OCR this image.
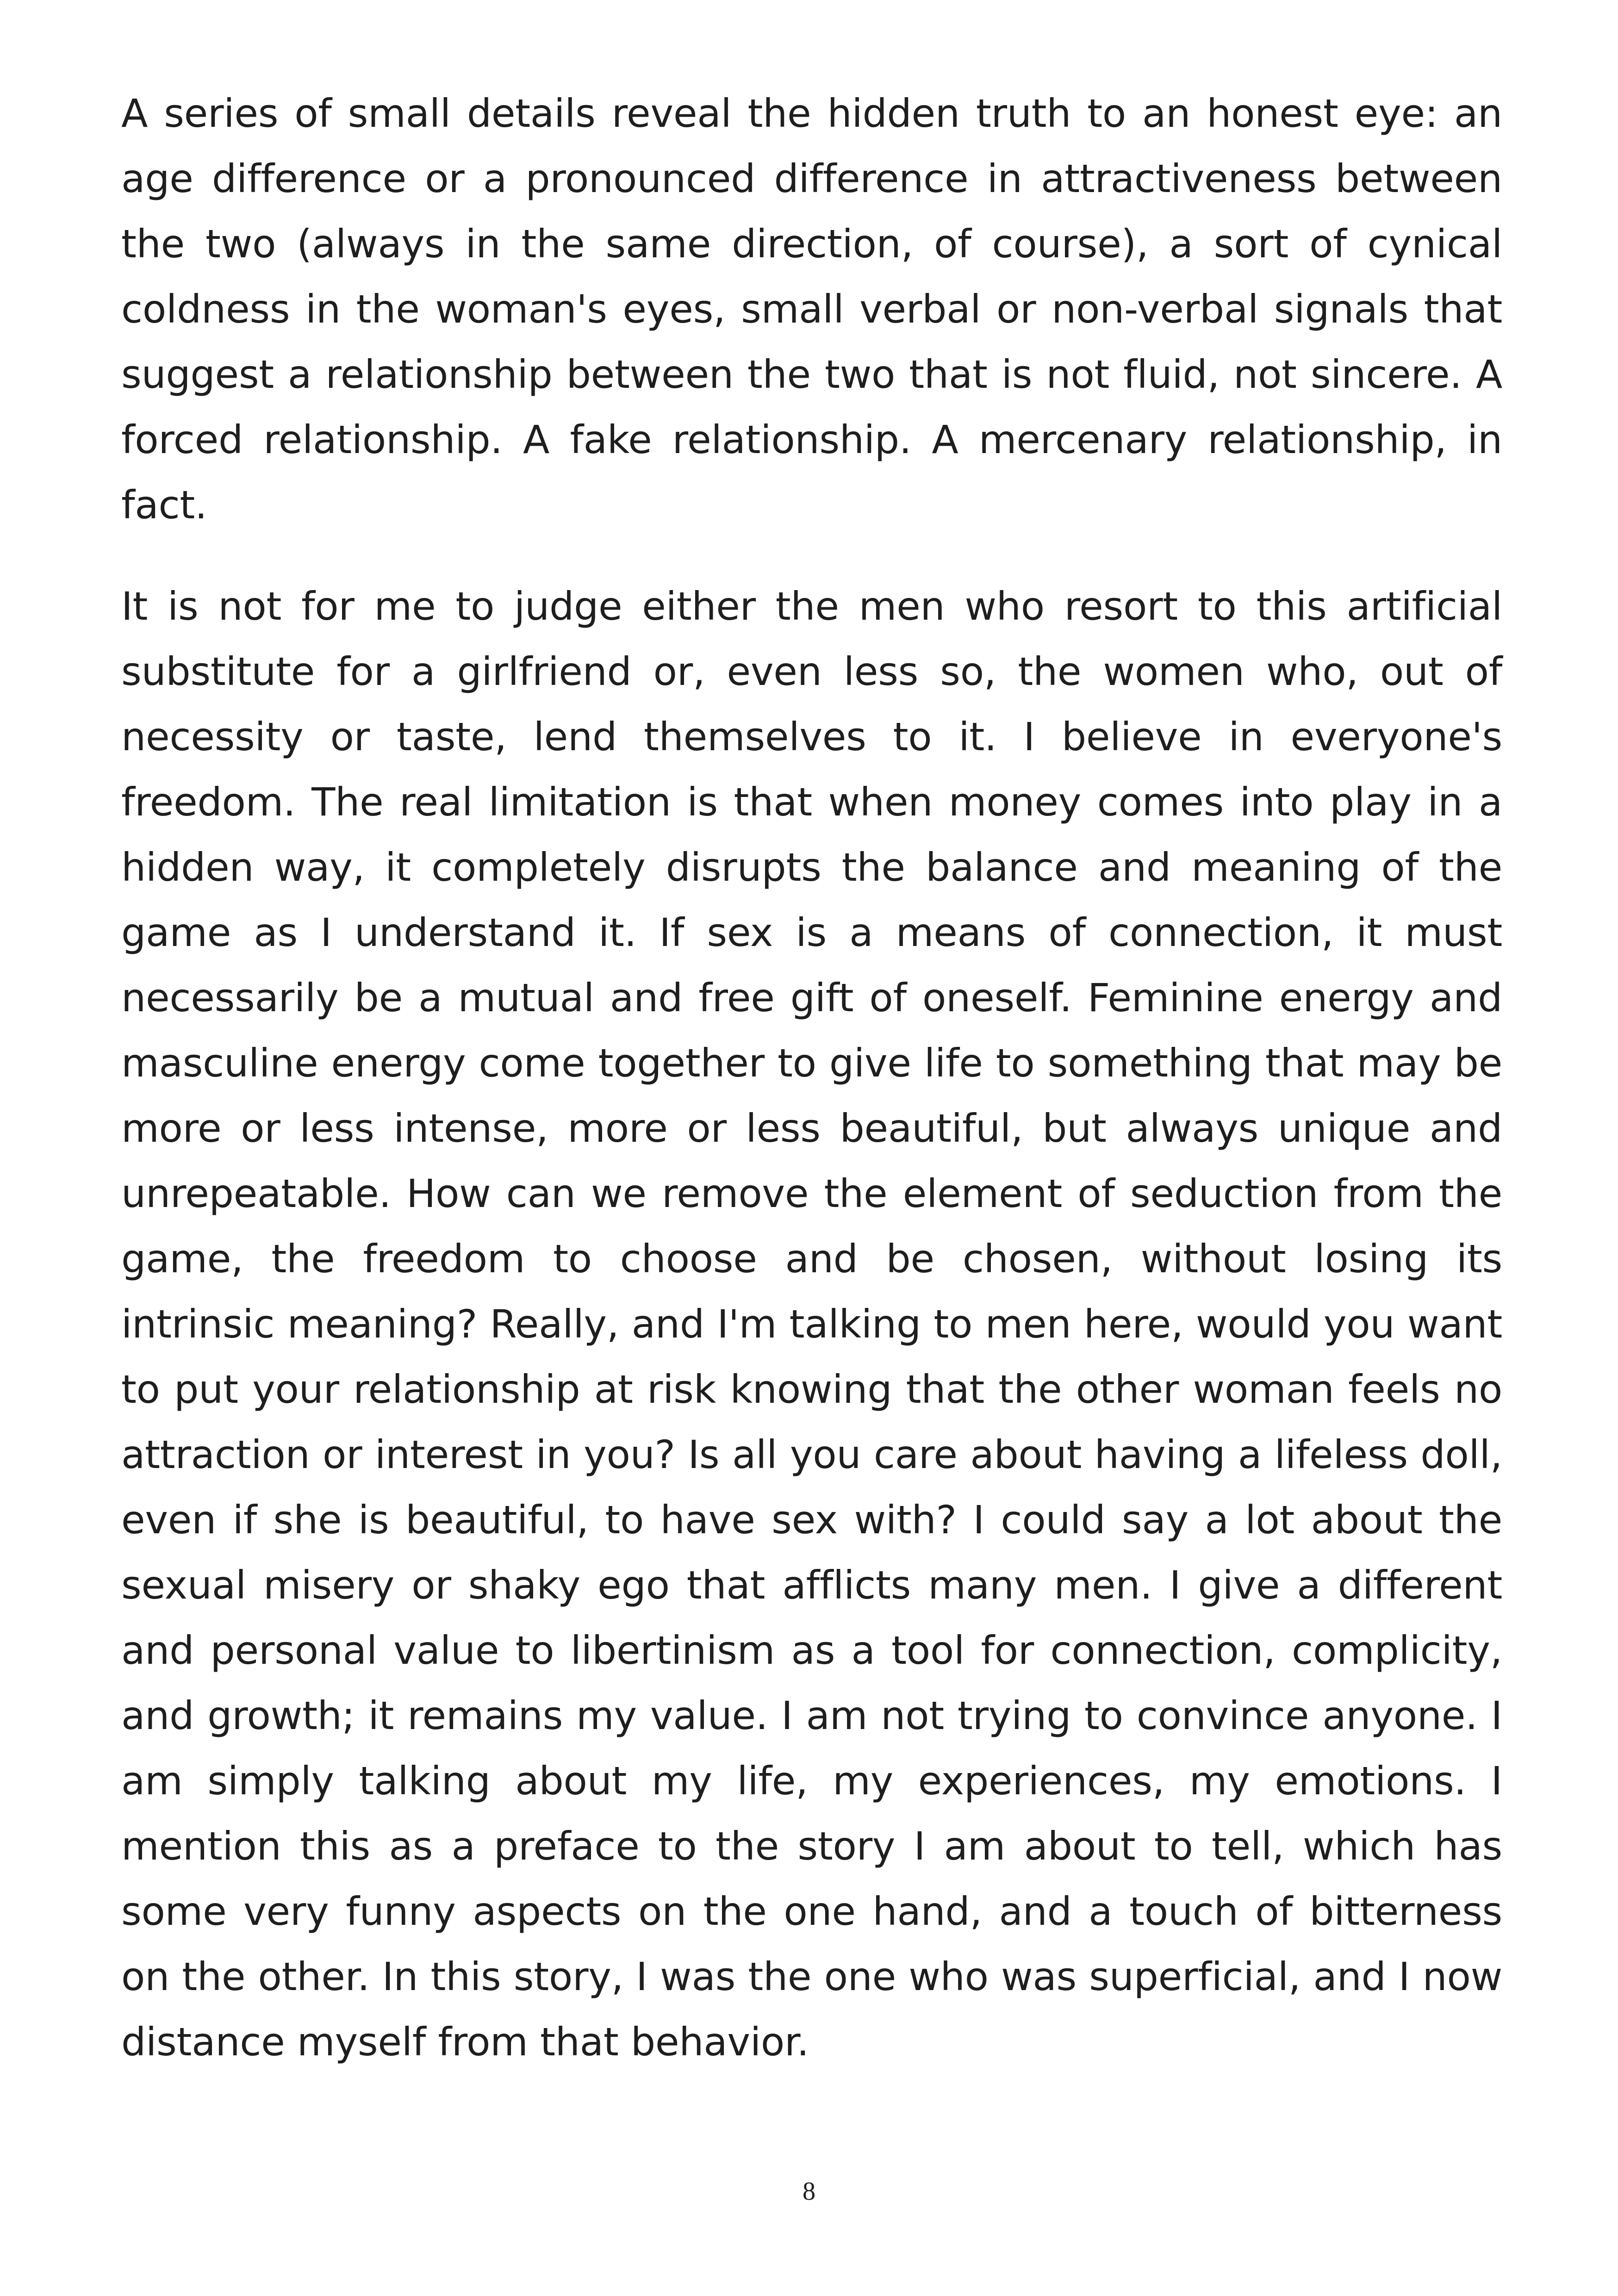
A series of small details reveal the hidden truth to an honest eye: an age difference or a pronounced difference in attractiveness between the two (always in the same direction, of course), a sort of cynical coldness in the woman's eyes, small verbal or non-verbal signals that suggest a relationship between the two that is not fluid, not sincere. A forced relationship. A fake relationship. A mercenary relationship, in fact.

It is not for me to judge either the men who resort to this artificial substitute for a girlfriend or, even less so, the women who, out of necessity or taste, lend themselves to it. I believe in everyone's freedom. The real limitation is that when money comes into play in a hidden way, it completely disrupts the balance and meaning of the game as I understand it. If sex is a means of connection, it must necessarily be a mutual and free gift of oneself. Feminine energy and masculine energy come together to give life to something that may be more or less intense, more or less beautiful, but always unique and unrepeatable. How can we remove the element of seduction from the game, the freedom to choose and be chosen, without losing its intrinsic meaning? Really, and I'm talking to men here, would you want to put your relationship at risk knowing that the other woman feels no attraction or interest in you? Is all you care about having a lifeless doll, even if she is beautiful, to have sex with? I could say a lot about the sexual misery or shaky ego that afflicts many men. I give a different and personal value to libertinism as a tool for connection, complicity, and growth; it remains my value. I am not trying to convince anyone. I am simply talking about my life, my experiences, my emotions. I mention this as a preface to the story I am about to tell, which has some very funny aspects on the one hand, and a touch of bitterness on the other. In this story, I was the one who was superficial, and I now distance myself from that behavior.

8
